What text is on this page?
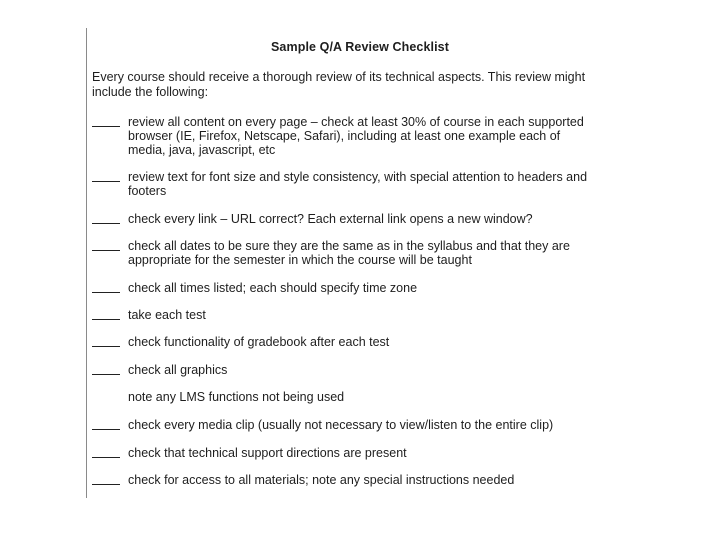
Sample Q/A Review Checklist
Every course should receive a thorough review of its technical aspects. This review might include the following:
review all content on every page – check at least 30% of course in each supported browser (IE, Firefox, Netscape, Safari), including at least one example each of media, java, javascript, etc
review text for font size and style consistency, with special attention to headers and footers
check every link – URL correct? Each external link opens a new window?
check all dates to be sure they are the same as in the syllabus and that they are appropriate for the semester in which the course will be taught
check all times listed; each should specify time zone
take each test
check functionality of gradebook after each test
check all graphics
note any LMS functions not being used
check every media clip (usually not necessary to view/listen to the entire clip)
check that technical support directions are present
check for access to all materials; note any special instructions needed
